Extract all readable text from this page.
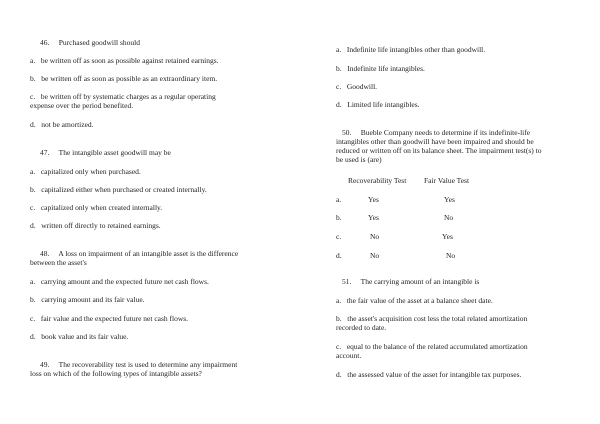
46.     Purchased goodwill should
a.   be written off as soon as possible against retained earnings.
b.   be written off as soon as possible as an extraordinary item.
c.   be written off by systematic charges as a regular operating
expense over the period benefited.
d.   not be amortized.
47.     The intangible asset goodwill may be
a.   capitalized only when purchased.
b.   capitalized either when purchased or created internally.
c.   capitalized only when created internally.
d.   written off directly to retained earnings.
48.     A loss on impairment of an intangible asset is the difference
between the asset's
a.   carrying amount and the expected future net cash flows.
b.   carrying amount and its fair value.
c.   fair value and the expected future net cash flows.
d.   book value and its fair value.
49.     The recoverability test is used to determine any impairment
loss on which of the following types of intangible assets?
a.   Indefinite life intangibles other than goodwill.
b.   Indefinite life intangibles.
c.   Goodwill.
d.   Limited life intangibles.
50.     Bueble Company needs to determine if its indefinite-life
intangibles other than goodwill have been impaired and should be
reduced or written off on its balance sheet. The impairment test(s) to
be used is (are)
Recoverability Test Fair Value Test
a.	Yes	Yes
b.	Yes	No
c.	No	Yes
d.	No	No
51.     The carrying amount of an intangible is
a.   the fair value of the asset at a balance sheet date.
b.   the asset's acquisition cost less the total related amortization
recorded to date.
c.   equal to the balance of the related accumulated amortization
account.
d.   the assessed value of the asset for intangible tax purposes.
